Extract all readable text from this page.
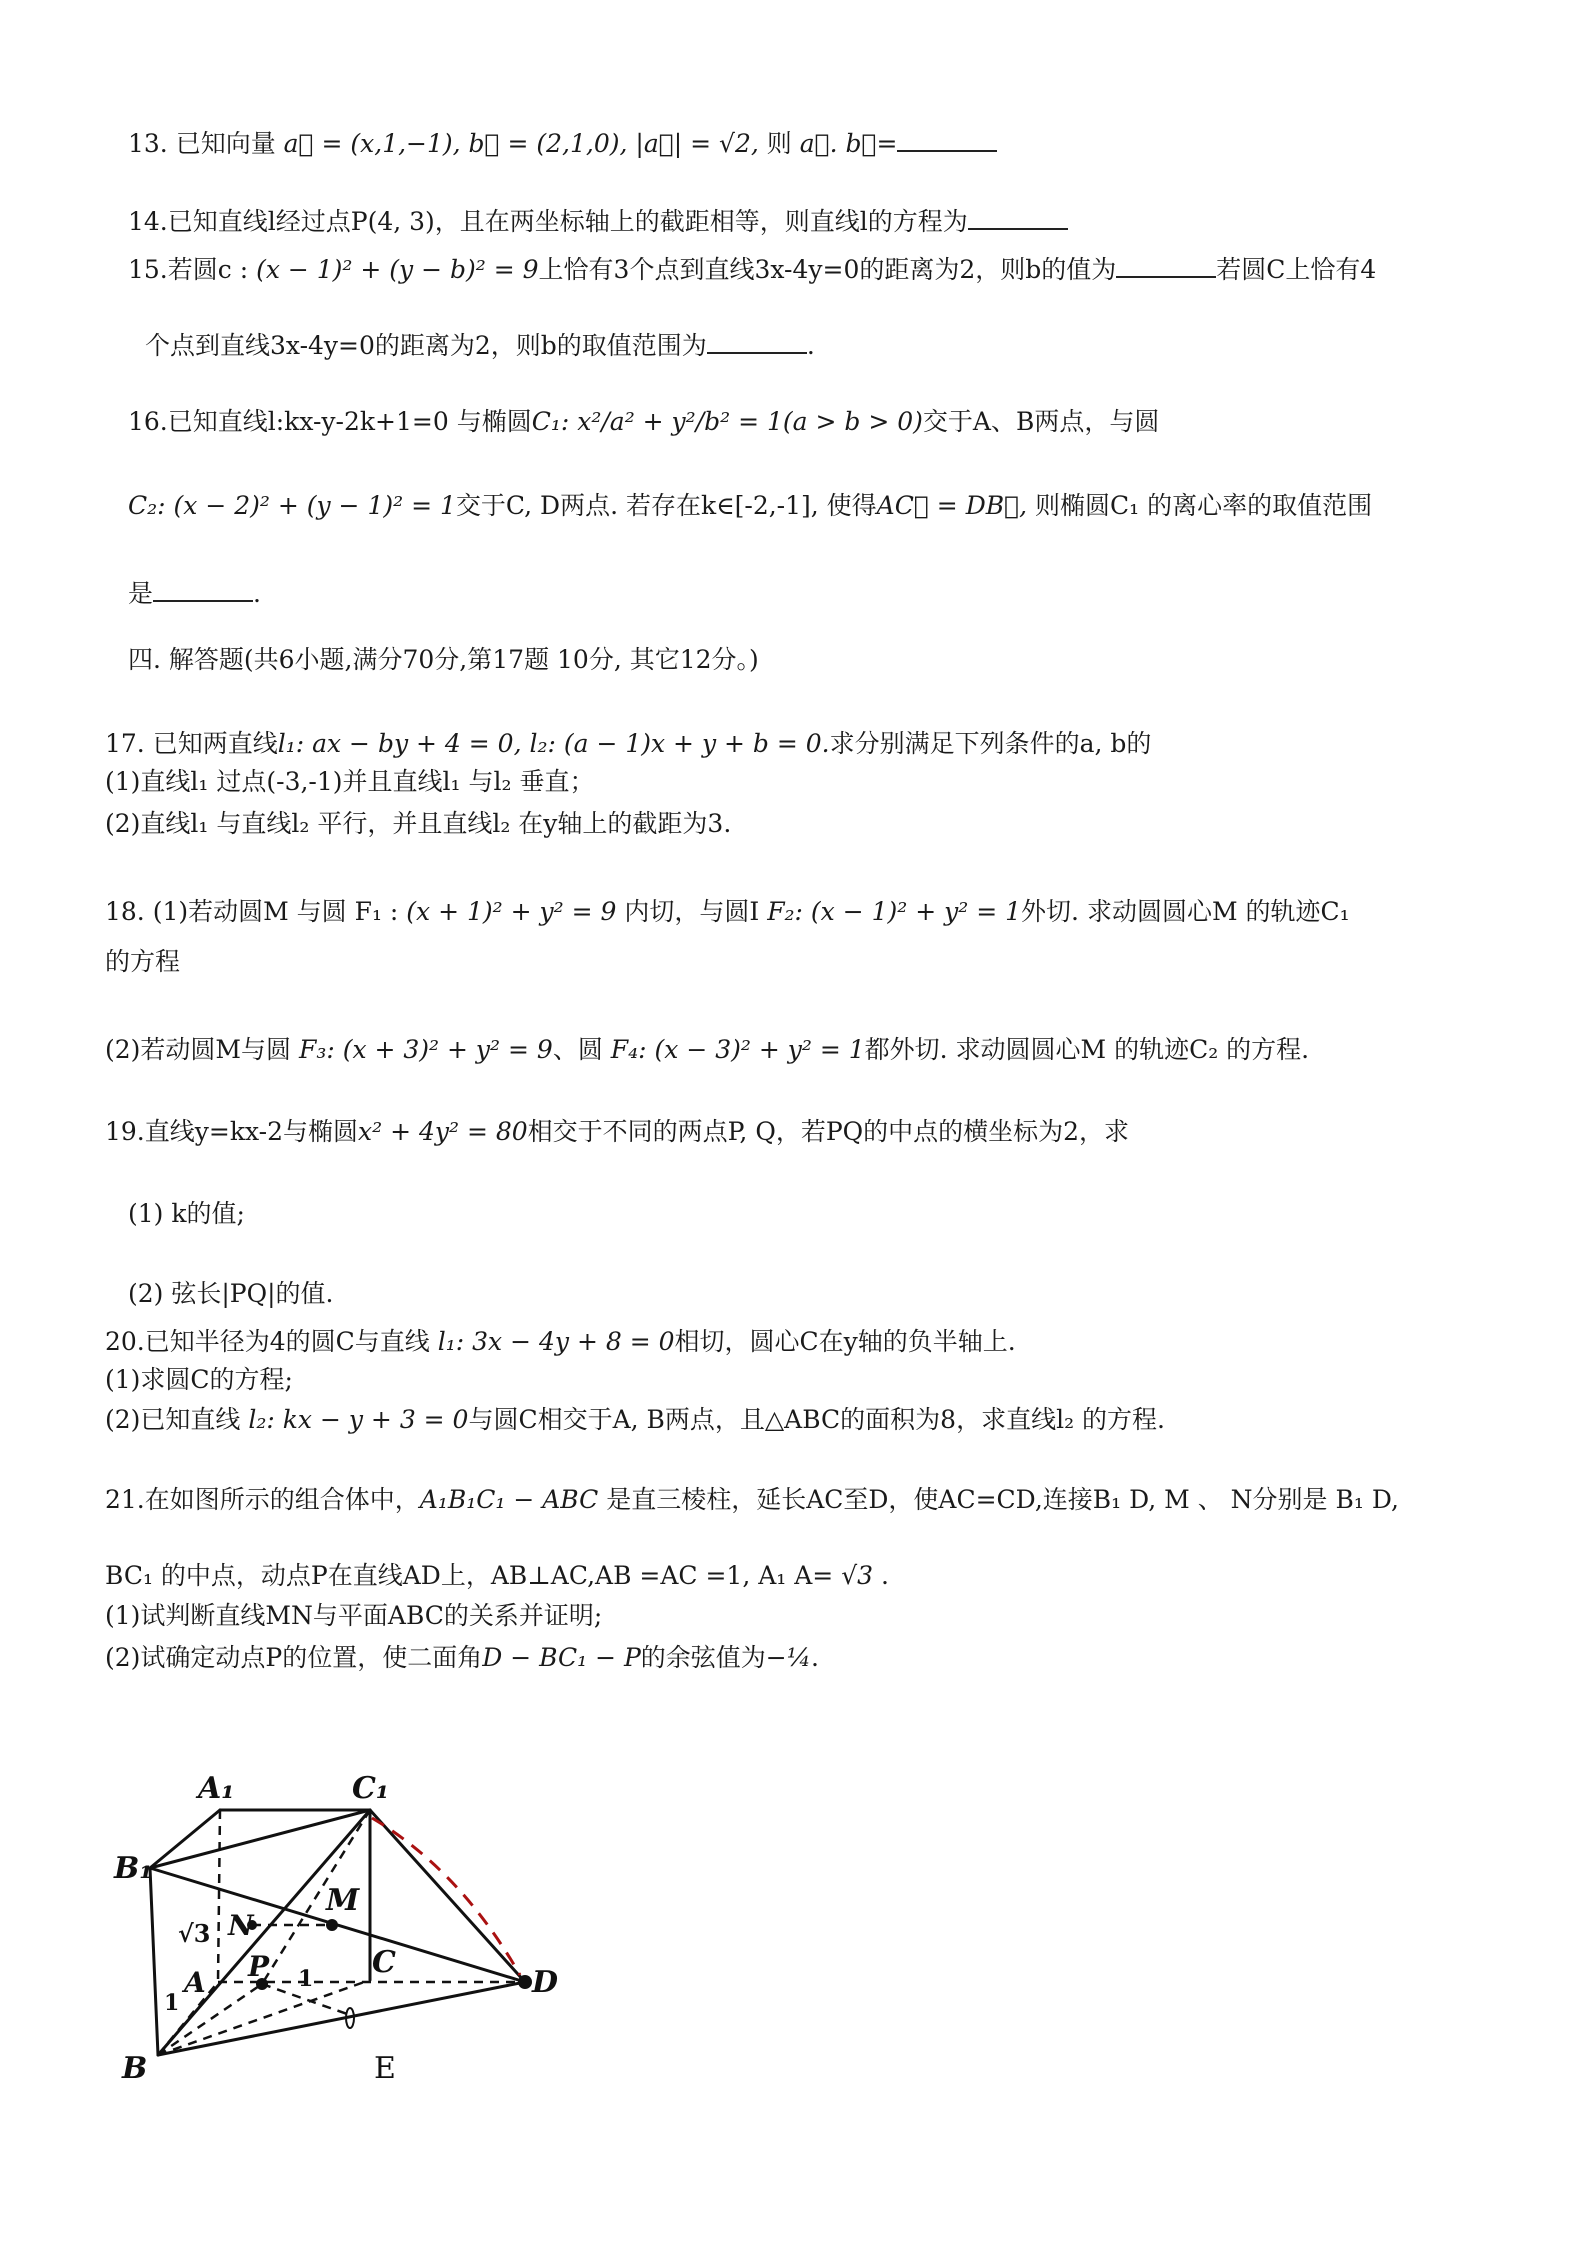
13. 已知向量 a⃗ = (x,1,−1), b⃗ = (2,1,0), |a⃗| = √2, 则 a⃗. b⃗=
14.已知直线l经过点P(4, 3)，且在两坐标轴上的截距相等，则直线l的方程为
15.若圆c : (x − 1)² + (y − b)² = 9上恰有3个点到直线3x-4y=0的距离为2，则b的值为	若圆C上恰有4
个点到直线3x-4y=0的距离为2，则b的取值范围为	.
16.已知直线l:kx-y-2k+1=0 与椭圆C₁: x²/a² + y²/b² = 1(a > b > 0)交于A、B两点，与圆
C₂: (x − 2)² + (y − 1)² = 1交于C, D两点. 若存在k∈[-2,-1], 使得AC⃗ = DB⃗, 则椭圆C₁ 的离心率的取值范围
是	.
四. 解答题(共6小题,满分70分,第17题 10分, 其它12分。)
17. 已知两直线l₁: ax − by + 4 = 0, l₂: (a − 1)x + y + b = 0.求分别满足下列条件的a, b的
(1)直线l₁ 过点(-3,-1)并且直线l₁ 与l₂ 垂直；
(2)直线l₁ 与直线l₂ 平行，并且直线l₂ 在y轴上的截距为3.
18. (1)若动圆M 与圆 F₁ : (x + 1)² + y² = 9 内切，与圆I F₂: (x − 1)² + y² = 1外切. 求动圆圆心M 的轨迹C₁
的方程
(2)若动圆M与圆 F₃: (x + 3)² + y² = 9、圆 F₄: (x − 3)² + y² = 1都外切. 求动圆圆心M 的轨迹C₂ 的方程.
19.直线y=kx-2与椭圆x² + 4y² = 80相交于不同的两点P, Q，若PQ的中点的横坐标为2，求
(1) k的值;
(2) 弦长|PQ|的值.
20.已知半径为4的圆C与直线 l₁: 3x − 4y + 8 = 0相切，圆心C在y轴的负半轴上.
(1)求圆C的方程;
(2)已知直线 l₂: kx − y + 3 = 0与圆C相交于A, B两点，且△ABC的面积为8，求直线l₂ 的方程.
21.在如图所示的组合体中，A₁B₁C₁ − ABC 是直三棱柱，延长AC至D，使AC=CD,连接B₁ D, M 、 N分别是 B₁ D,
BC₁ 的中点，动点P在直线AD上，AB⊥AC,AB =AC =1, A₁ A= √3 .
(1)试判断直线MN与平面ABC的关系并证明;
(2)试确定动点P的位置，使二面角D − BC₁ − P的余弦值为−¼.
A₁	C₁
B₁
√3 N
M
A
1
P 1 C
D
B	E
